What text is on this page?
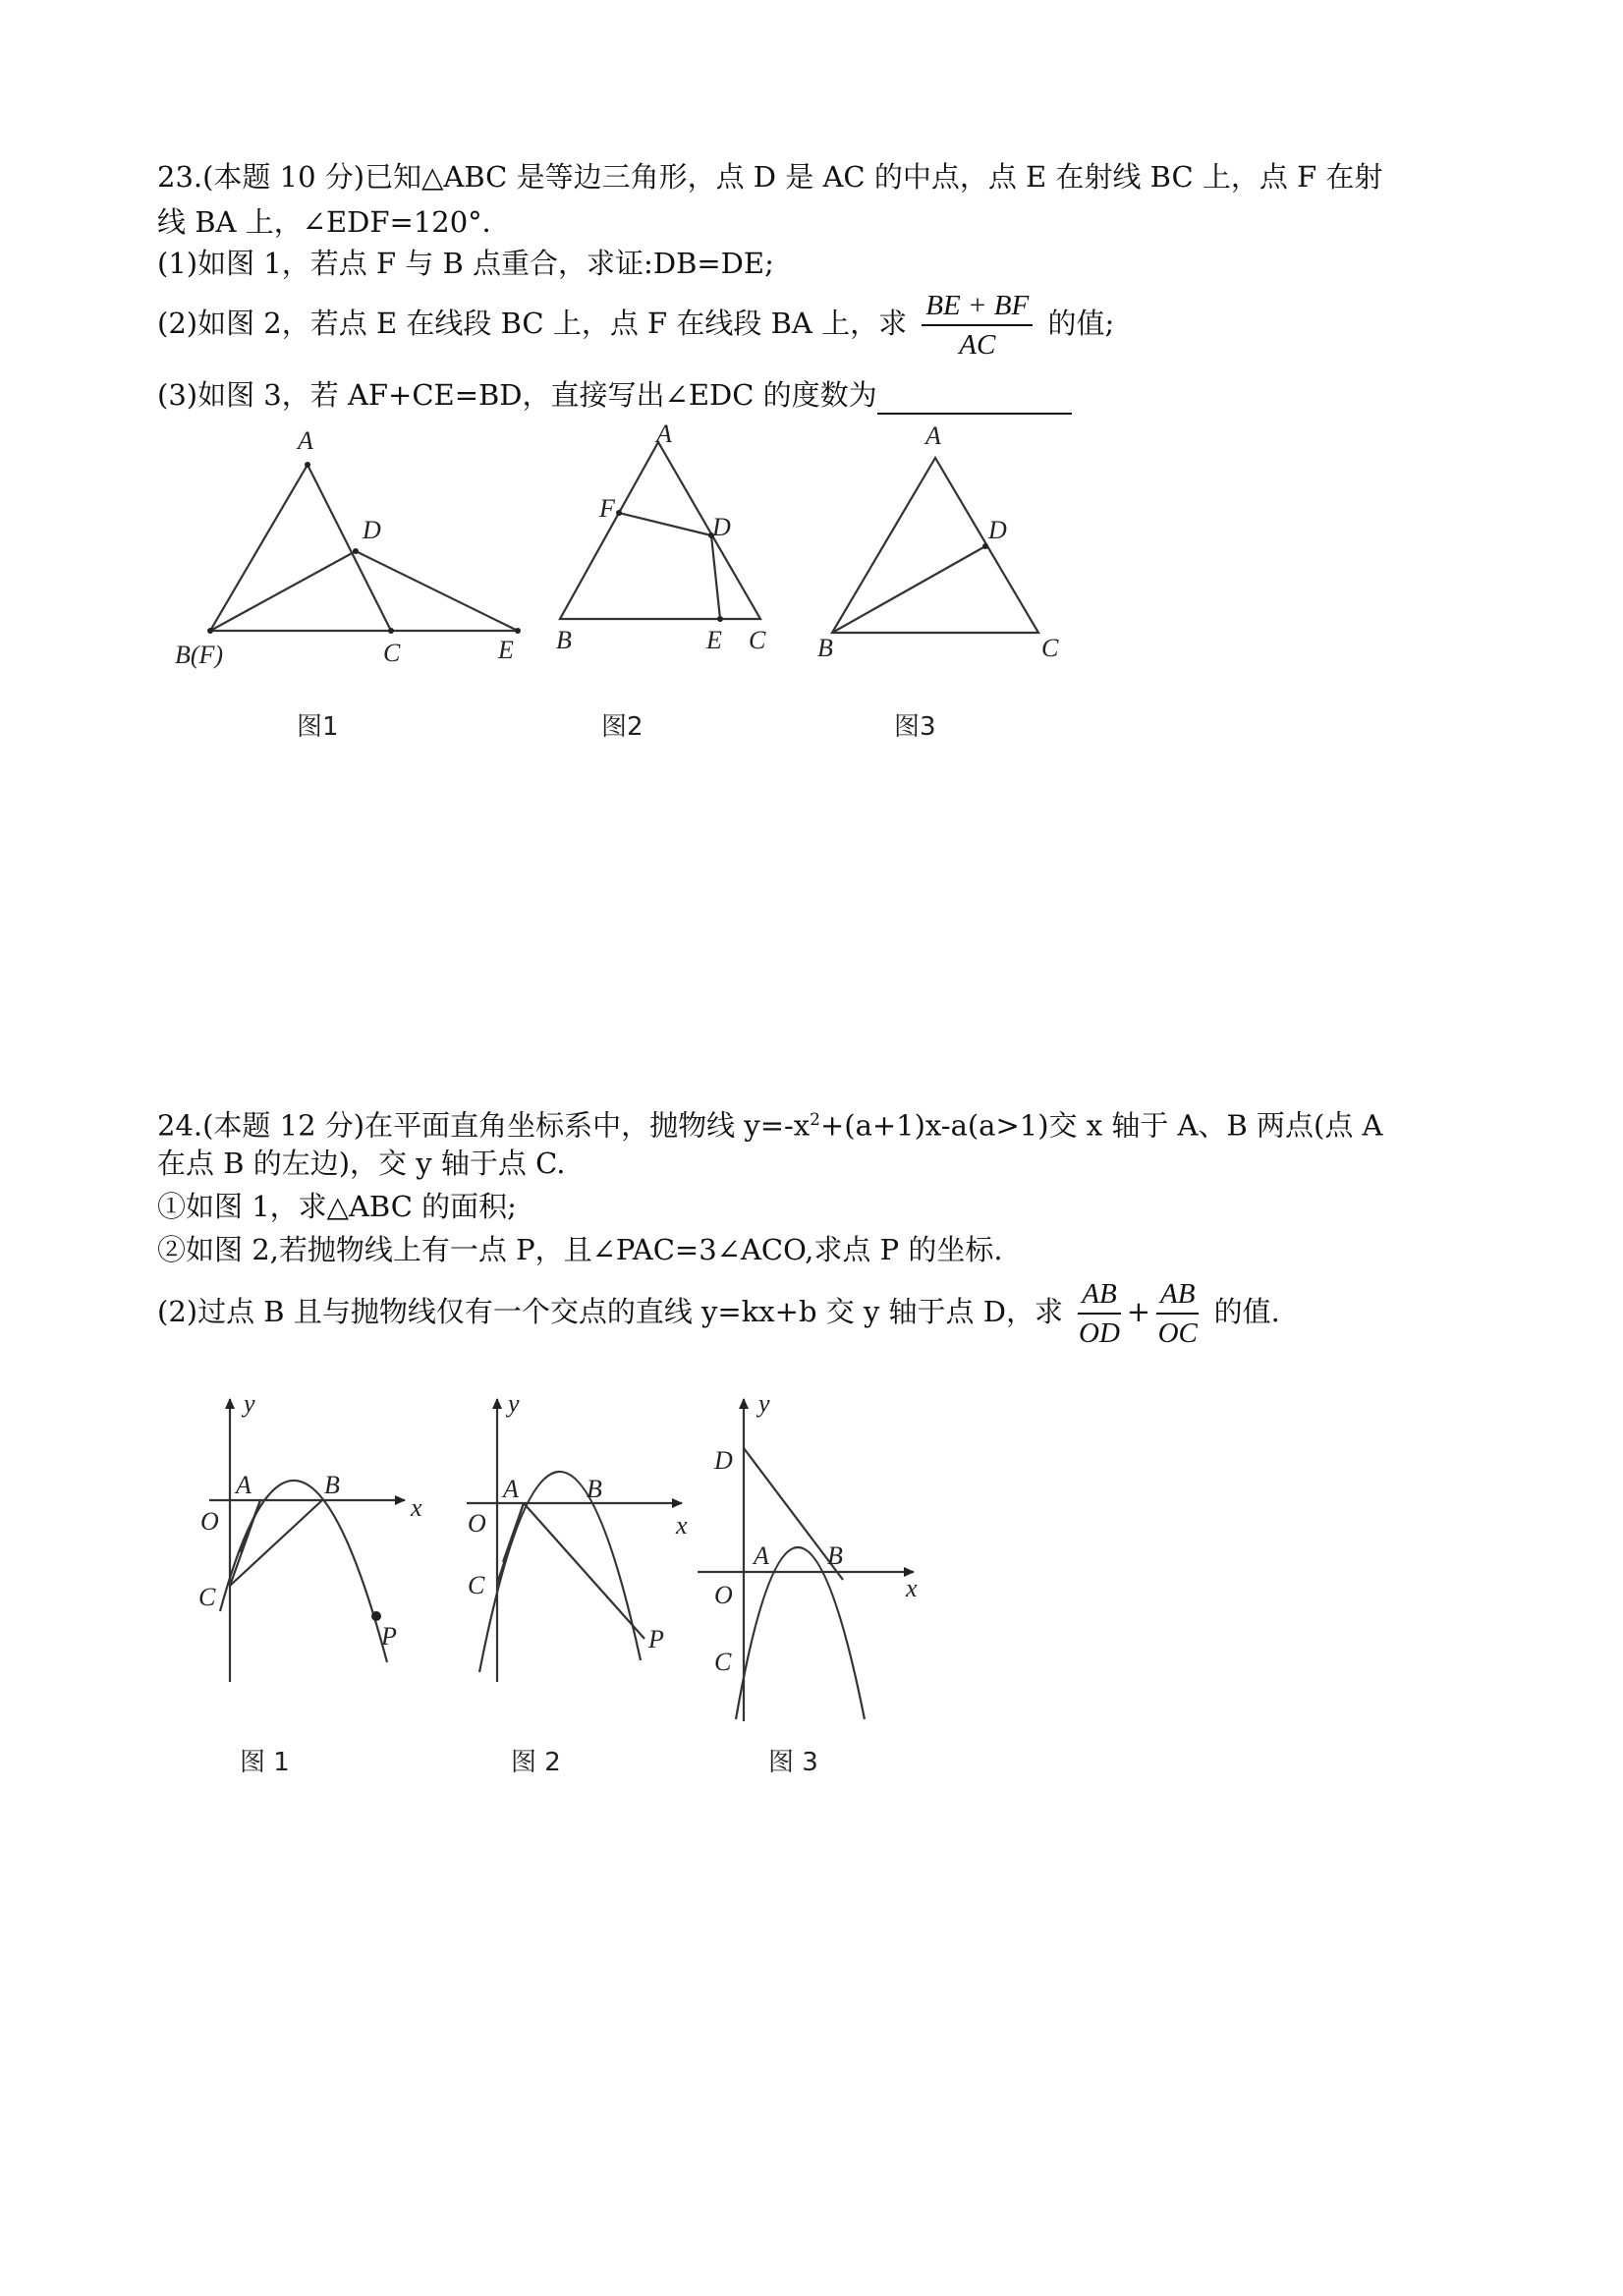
23.(本题 10 分)已知△ABC 是等边三角形，点 D 是 AC 的中点，点 E 在射线 BC 上，点 F 在射
线 BA 上，∠EDF=120°．
(1)如图 1，若点 F 与 B 点重合，求证:DB=DE;
(2)如图 2，若点 E 在线段 BC 上，点 F 在线段 BA 上，求 $\frac{BE + BF}{AC}$ 的值;
(3)如图 3，若 AF+CE=BD，直接写出∠EDC 的度数为
A
D
B(F)	C	E
A
F
D
B	E C
A
D
B	C
图1	图2	图3
24.(本题 12 分)在平面直角坐标系中，抛物线 $y=-x^2+(a+1)x-a(a>1)$交 x 轴于 A、B 两点(点 A
在点 B 的左边)，交 y 轴于点 C.
①如图 1，求△ABC 的面积;
②如图 2,若抛物线上有一点 P，且∠PAC=3∠ACO,求点 P 的坐标.
(2)过点 B 且与抛物线仅有一个交点的直线 y=kx+b 交 y 轴于点 D，求 $\frac{AB}{OD} + \frac{AB}{OC}$ 的值.
y
A	B
O	x
C
P
y
A	B
O	x
C
P
y
D
A B
O	x
C
图 1	图 2	图 3
